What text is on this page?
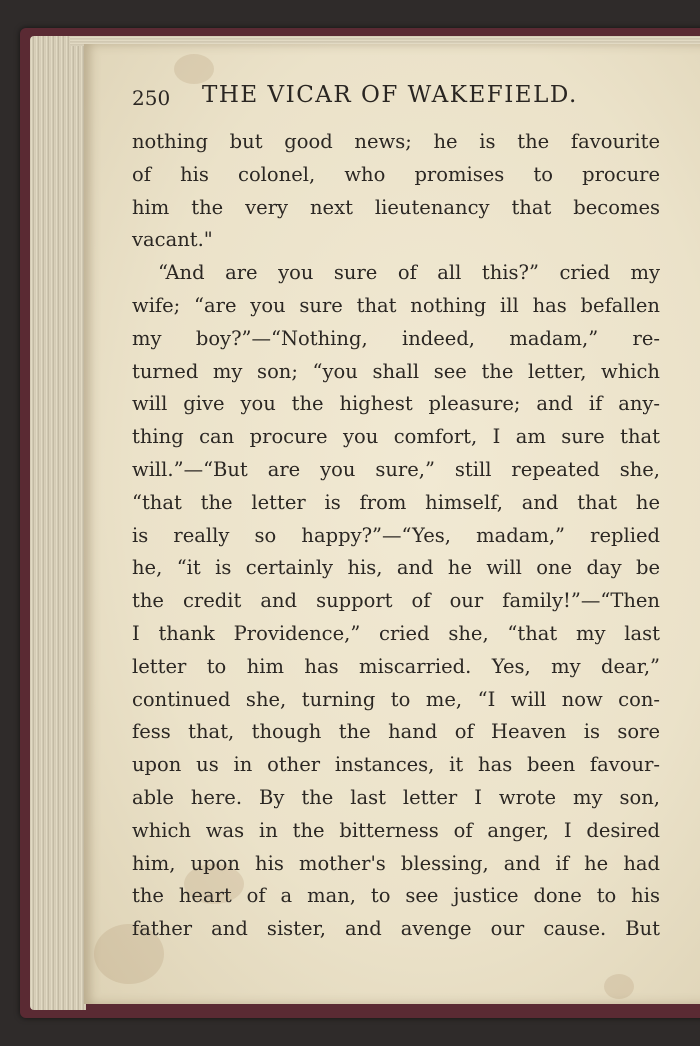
250 THE VICAR OF WAKEFIELD.
nothing but good news; he is the favourite
of his colonel, who promises to procure
him the very next lieutenancy that becomes
vacant."
“And are you sure of all this?” cried my
wife; “are you sure that nothing ill has befallen
my boy?”—“Nothing, indeed, madam,” re-
turned my son; “you shall see the letter, which
will give you the highest pleasure; and if any-
thing can procure you comfort, I am sure that
will.”—“But are you sure,” still repeated she,
“that the letter is from himself, and that he
is really so happy?”—“Yes, madam,” replied
he, “it is certainly his, and he will one day be
the credit and support of our family!”—“Then
I thank Providence,” cried she, “that my last
letter to him has miscarried. Yes, my dear,”
continued she, turning to me, “I will now con-
fess that, though the hand of Heaven is sore
upon us in other instances, it has been favour-
able here. By the last letter I wrote my son,
which was in the bitterness of anger, I desired
him, upon his mother's blessing, and if he had
the heart of a man, to see justice done to his
father and sister, and avenge our cause. But
